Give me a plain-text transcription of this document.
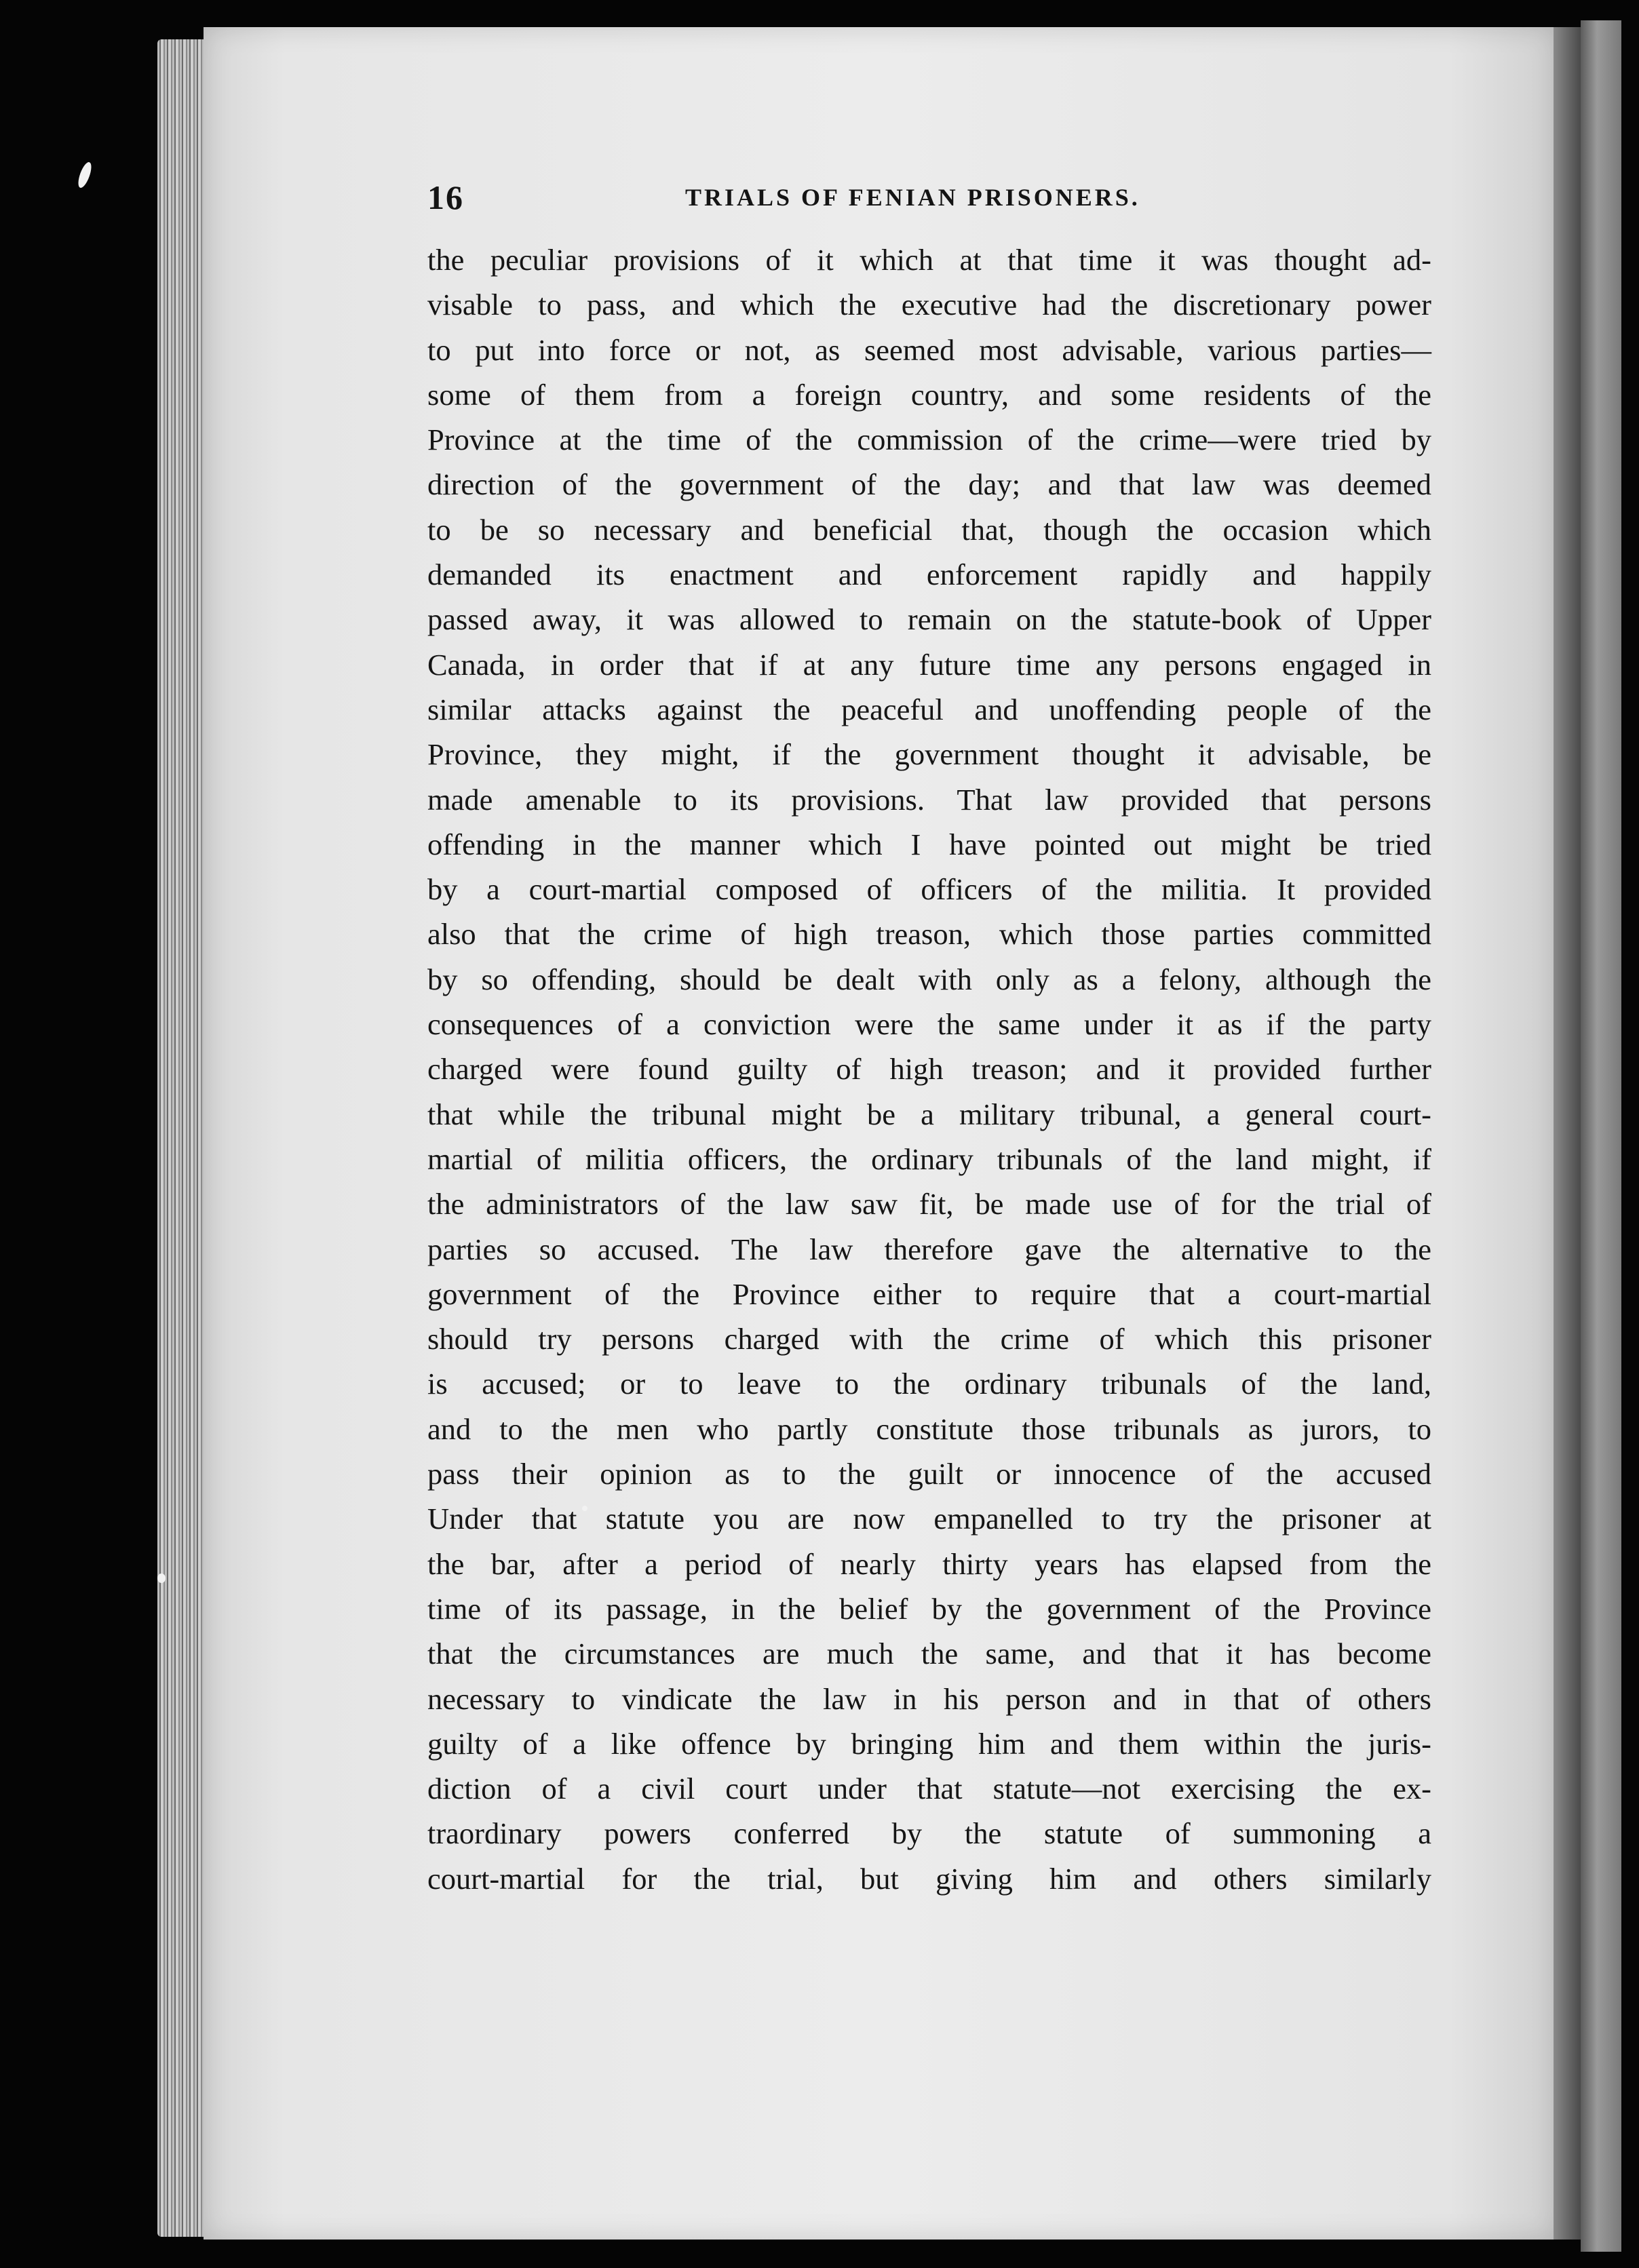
16	TRIALS OF FENIAN PRISONERS.
the peculiar provisions of it which at that time it was thought ad-
visable to pass, and which the executive had the discretionary power
to put into force or not, as seemed most advisable, various parties—
some of them from a foreign country, and some residents of the
Province at the time of the commission of the crime—were tried by
direction of the government of the day; and that law was deemed
to be so necessary and beneficial that, though the occasion which
demanded its enactment and enforcement rapidly and happily
passed away, it was allowed to remain on the statute-book of Upper
Canada, in order that if at any future time any persons engaged in
similar attacks against the peaceful and unoffending people of the
Province, they might, if the government thought it advisable, be
made amenable to its provisions. That law provided that persons
offending in the manner which I have pointed out might be tried
by a court-martial composed of officers of the militia. It provided
also that the crime of high treason, which those parties committed
by so offending, should be dealt with only as a felony, although the
consequences of a conviction were the same under it as if the party
charged were found guilty of high treason; and it provided further
that while the tribunal might be a military tribunal, a general court-
martial of militia officers, the ordinary tribunals of the land might, if
the administrators of the law saw fit, be made use of for the trial of
parties so accused. The law therefore gave the alternative to the
government of the Province either to require that a court-martial
should try persons charged with the crime of which this prisoner
is accused; or to leave to the ordinary tribunals of the land,
and to the men who partly constitute those tribunals as jurors, to
pass their opinion as to the guilt or innocence of the accused
Under that statute you are now empanelled to try the prisoner at
the bar, after a period of nearly thirty years has elapsed from the
time of its passage, in the belief by the government of the Province
that the circumstances are much the same, and that it has become
necessary to vindicate the law in his person and in that of others
guilty of a like offence by bringing him and them within the juris-
diction of a civil court under that statute—not exercising the ex-
traordinary powers conferred by the statute of summoning a
court-martial for the trial, but giving him and others similarly
